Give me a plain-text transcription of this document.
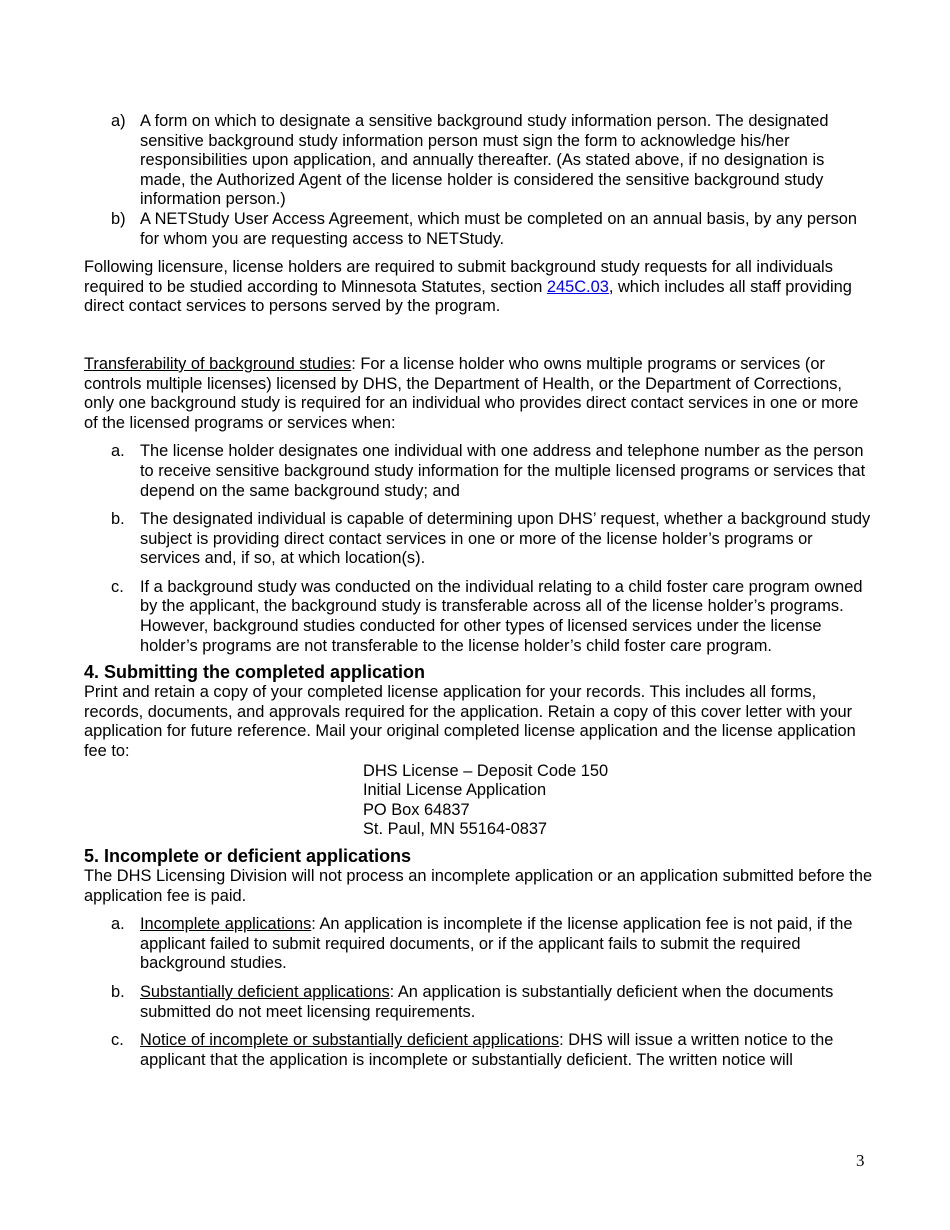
a) A form on which to designate a sensitive background study information person. The designated sensitive background study information person must sign the form to acknowledge his/her responsibilities upon application, and annually thereafter. (As stated above, if no designation is made, the Authorized Agent of the license holder is considered the sensitive background study information person.)
b) A NETStudy User Access Agreement, which must be completed on an annual basis, by any person for whom you are requesting access to NETStudy.

Following licensure, license holders are required to submit background study requests for all individuals required to be studied according to Minnesota Statutes, section 245C.03, which includes all staff providing direct contact services to persons served by the program.

Transferability of background studies: For a license holder who owns multiple programs or services (or controls multiple licenses) licensed by DHS, the Department of Health, or the Department of Corrections, only one background study is required for an individual who provides direct contact services in one or more of the licensed programs or services when:

a. The license holder designates one individual with one address and telephone number as the person to receive sensitive background study information for the multiple licensed programs or services that depend on the same background study; and
b. The designated individual is capable of determining upon DHS’ request, whether a background study subject is providing direct contact services in one or more of the license holder’s programs or services and, if so, at which location(s).
c. If a background study was conducted on the individual relating to a child foster care program owned by the applicant, the background study is transferable across all of the license holder’s programs. However, background studies conducted for other types of licensed services under the license holder’s programs are not transferable to the license holder’s child foster care program.
4. Submitting the completed application

Print and retain a copy of your completed license application for your records. This includes all forms, records, documents, and approvals required for the application. Retain a copy of this cover letter with your application for future reference. Mail your original completed license application and the license application fee to:

DHS License – Deposit Code 150
Initial License Application
PO Box 64837
St. Paul, MN 55164-0837
5. Incomplete or deficient applications

The DHS Licensing Division will not process an incomplete application or an application submitted before the application fee is paid.

a. Incomplete applications: An application is incomplete if the license application fee is not paid, if the applicant failed to submit required documents, or if the applicant fails to submit the required background studies.
b. Substantially deficient applications: An application is substantially deficient when the documents submitted do not meet licensing requirements.
c. Notice of incomplete or substantially deficient applications: DHS will issue a written notice to the applicant that the application is incomplete or substantially deficient. The written notice will
3
